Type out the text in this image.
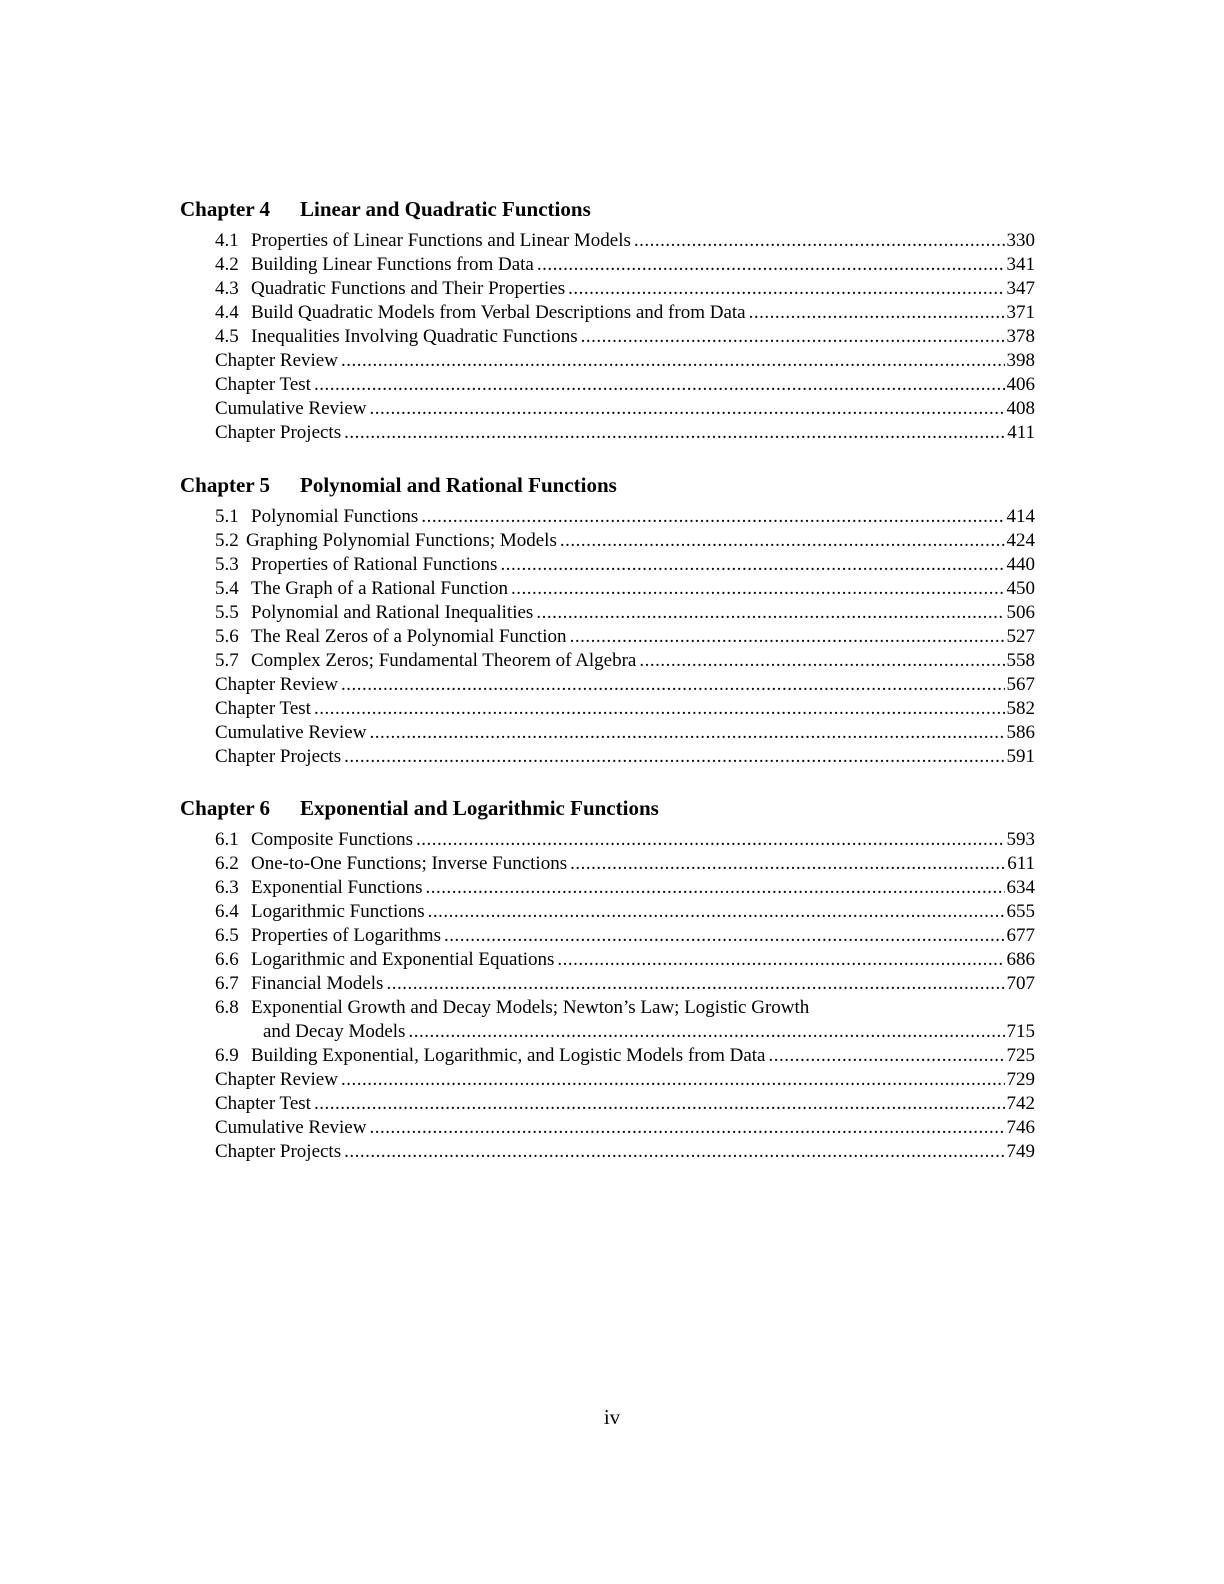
Chapter 4 Linear and Quadratic Functions
4.1 Properties of Linear Functions and Linear Models .....	330
4.2 Building Linear Functions from Data .....	341
4.3 Quadratic Functions and Their Properties .....	347
4.4 Build Quadratic Models from Verbal Descriptions and from Data .....	371
4.5 Inequalities Involving Quadratic Functions .....	378
Chapter Review .....	398
Chapter Test .....	406
Cumulative Review .....	408
Chapter Projects .....	411
Chapter 5 Polynomial and Rational Functions
5.1 Polynomial Functions .....	414
5.2 Graphing Polynomial Functions; Models .....	424
5.3 Properties of Rational Functions .....	440
5.4 The Graph of a Rational Function .....	450
5.5 Polynomial and Rational Inequalities .....	506
5.6 The Real Zeros of a Polynomial Function .....	527
5.7 Complex Zeros; Fundamental Theorem of Algebra .....	558
Chapter Review .....	567
Chapter Test .....	582
Cumulative Review .....	586
Chapter Projects .....	591
Chapter 6 Exponential and Logarithmic Functions
6.1 Composite Functions .....	593
6.2 One-to-One Functions; Inverse Functions .....	611
6.3 Exponential Functions .....	634
6.4 Logarithmic Functions .....	655
6.5 Properties of Logarithms .....	677
6.6 Logarithmic and Exponential Equations .....	686
6.7 Financial Models .....	707
6.8 Exponential Growth and Decay Models; Newton’s Law; Logistic Growth
and Decay Models .....	715
6.9 Building Exponential, Logarithmic, and Logistic Models from Data .....	725
Chapter Review .....	729
Chapter Test .....	742
Cumulative Review .....	746
Chapter Projects .....	749
iv
